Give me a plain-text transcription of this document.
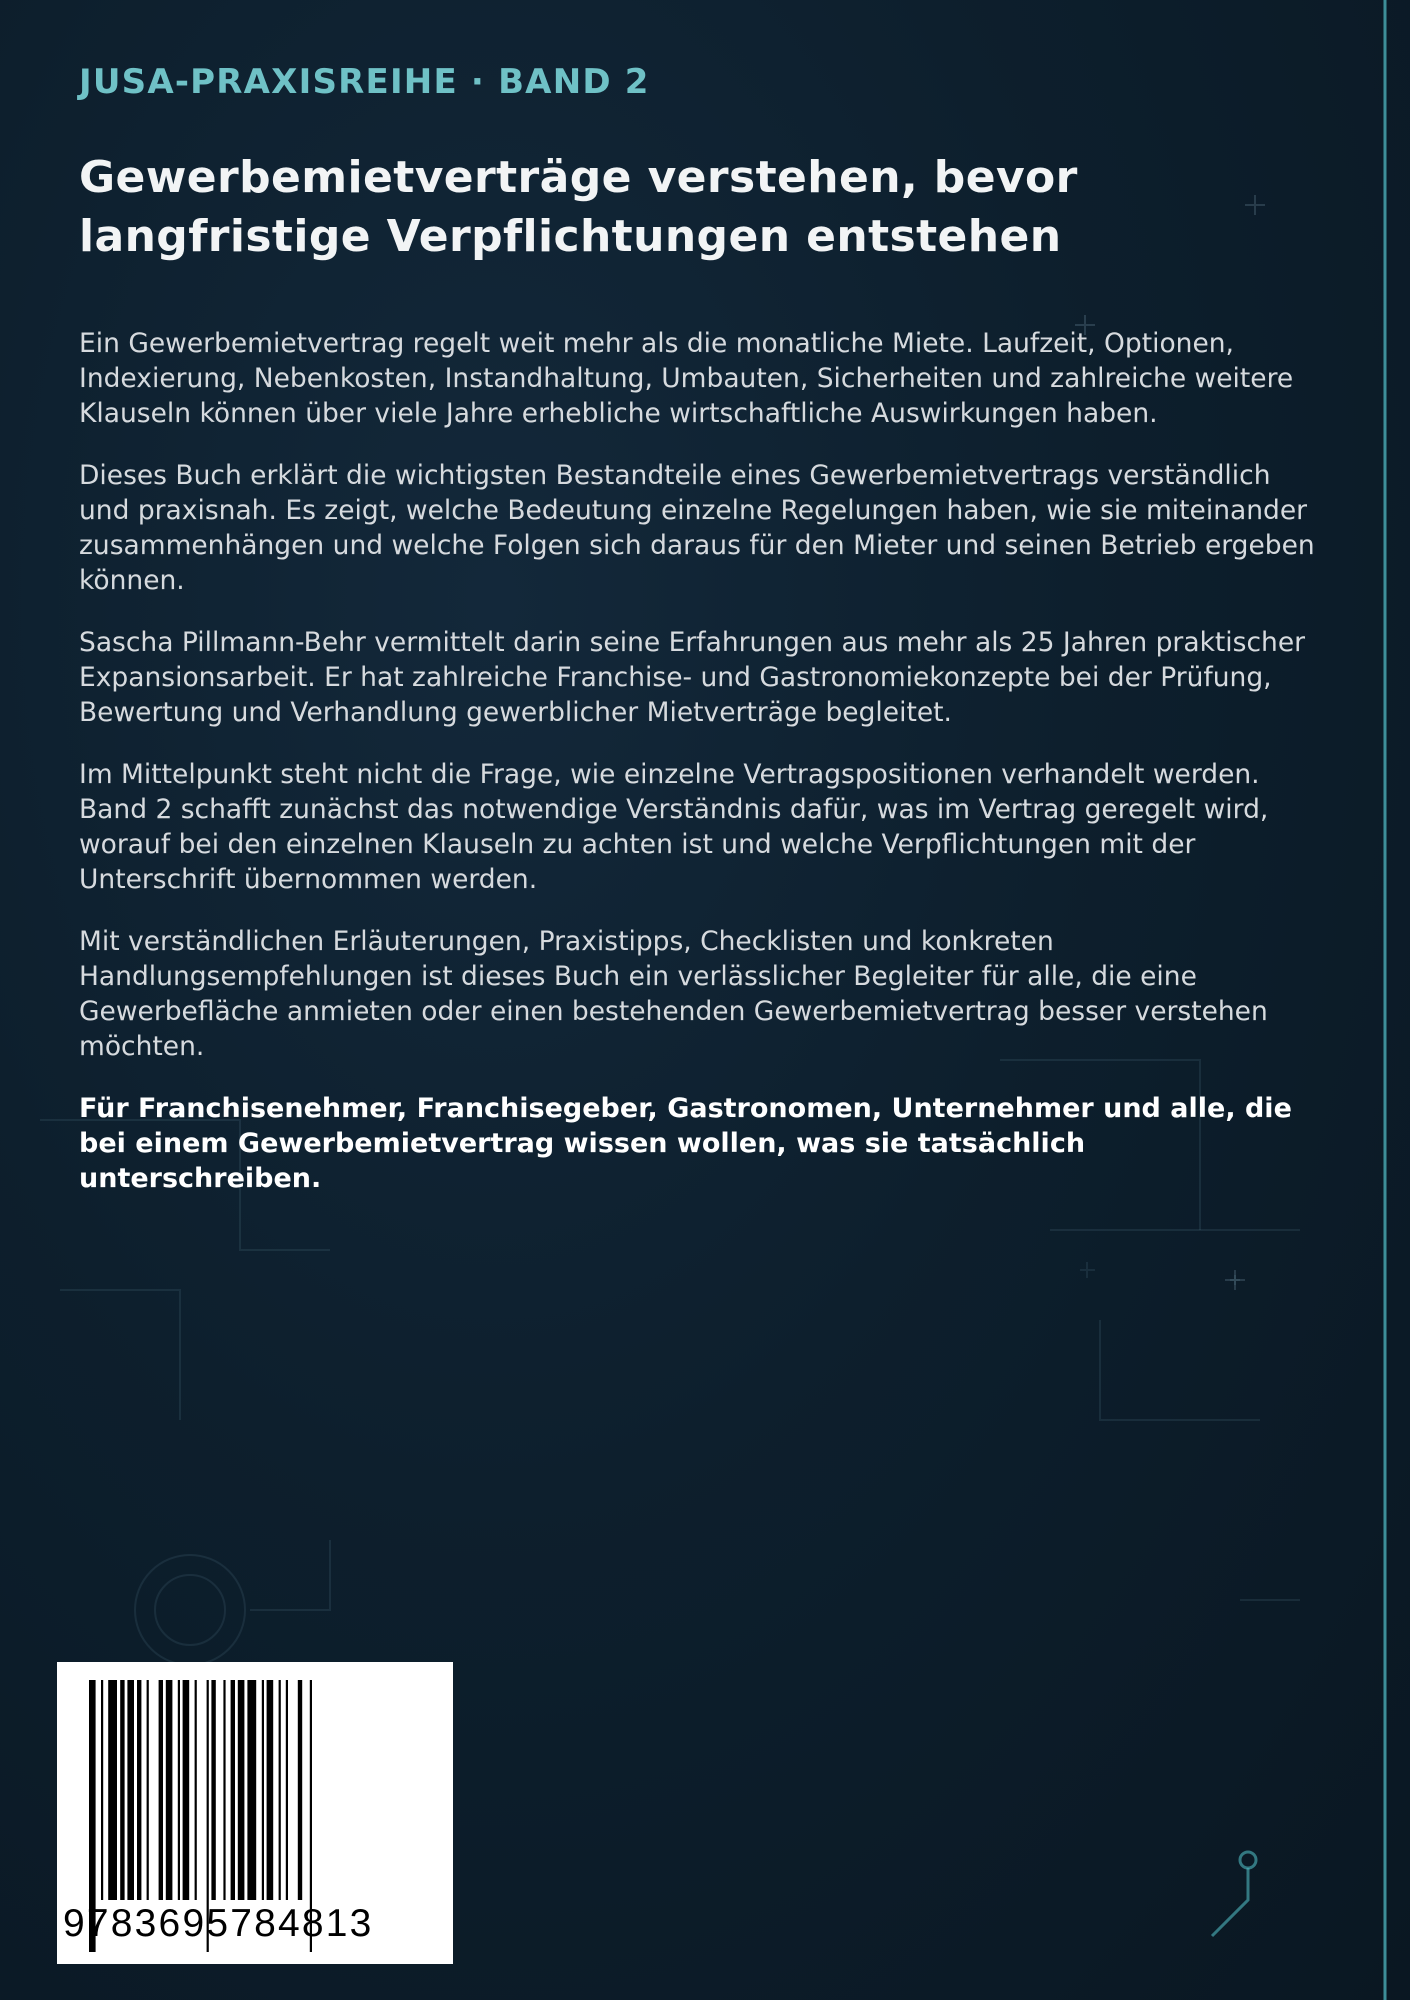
JUSA-PRAXISREIHE · BAND 2
Gewerbemietverträge verstehen, bevor
langfristige Verpflichtungen entstehen

Ein Gewerbemietvertrag regelt weit mehr als die monatliche Miete. Laufzeit, Optionen, Indexierung, Nebenkosten, Instandhaltung, Umbauten, Sicherheiten und zahlreiche weitere Klauseln können über viele Jahre erhebliche wirtschaftliche Auswirkungen haben.

Dieses Buch erklärt die wichtigsten Bestandteile eines Gewerbemietvertrags verständlich und praxisnah. Es zeigt, welche Bedeutung einzelne Regelungen haben, wie sie miteinander zusammenhängen und welche Folgen sich daraus für den Mieter und seinen Betrieb ergeben können.

Sascha Pillmann-Behr vermittelt darin seine Erfahrungen aus mehr als 25 Jahren praktischer Expansionsarbeit. Er hat zahlreiche Franchise- und Gastronomiekonzepte bei der Prüfung, Bewertung und Verhandlung gewerblicher Mietverträge begleitet.

Im Mittelpunkt steht nicht die Frage, wie einzelne Vertragspositionen verhandelt werden. Band 2 schafft zunächst das notwendige Verständnis dafür, was im Vertrag geregelt wird, worauf bei den einzelnen Klauseln zu achten ist und welche Verpflichtungen mit der Unterschrift übernommen werden.

Mit verständlichen Erläuterungen, Praxistipps, Checklisten und konkreten Handlungsempfehlungen ist dieses Buch ein verlässlicher Begleiter für alle, die eine Gewerbefläche anmieten oder einen bestehenden Gewerbemietvertrag besser verstehen möchten.

Für Franchisenehmer, Franchisegeber, Gastronomen, Unternehmer und alle, die bei einem Gewerbemietvertrag wissen wollen, was sie tatsächlich unterschreiben.

9783695784813
